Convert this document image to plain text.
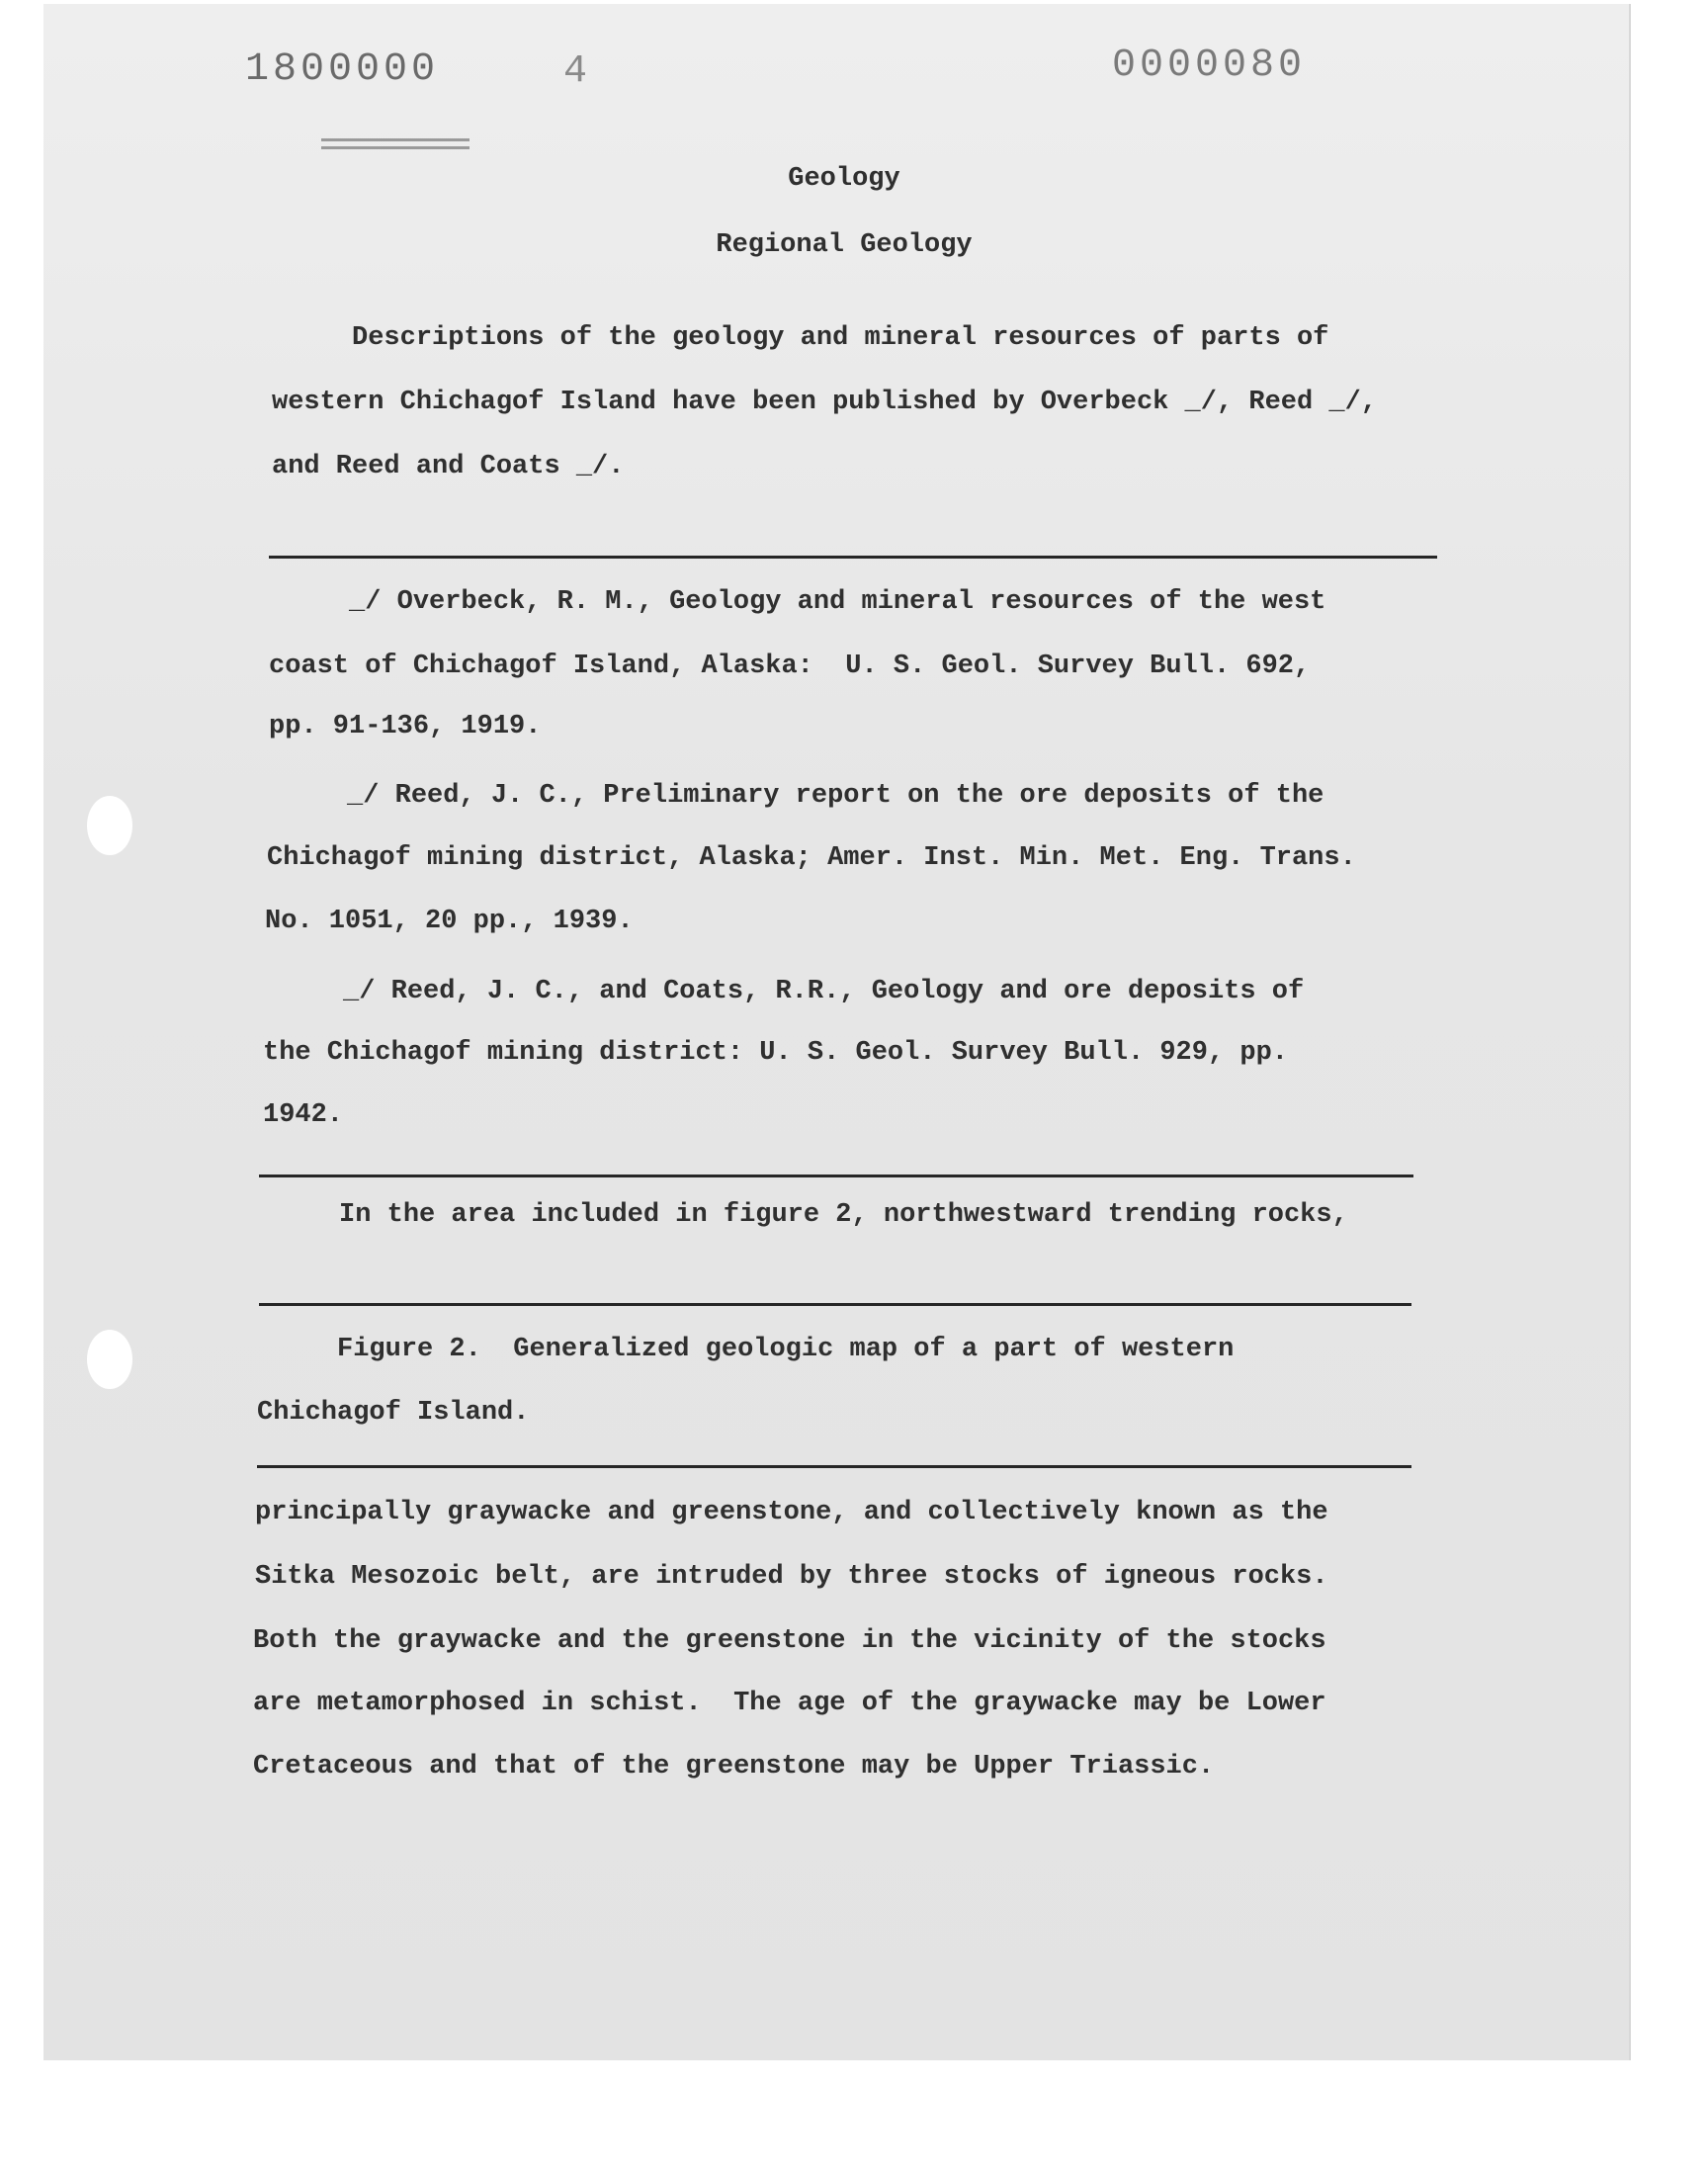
1800000	4	0000080
Geology
Regional Geology
Descriptions of the geology and mineral resources of parts of
western Chichagof Island have been published by Overbeck _/, Reed _/,
and Reed and Coats _/.
_/ Overbeck, R. M., Geology and mineral resources of the west
coast of Chichagof Island, Alaska:  U. S. Geol. Survey Bull. 692,
pp. 91-136, 1919.
_/ Reed, J. C., Preliminary report on the ore deposits of the
Chichagof mining district, Alaska; Amer. Inst. Min. Met. Eng. Trans.
No. 1051, 20 pp., 1939.
_/ Reed, J. C., and Coats, R.R., Geology and ore deposits of
the Chichagof mining district: U. S. Geol. Survey Bull. 929, pp.
1942.
In the area included in figure 2, northwestward trending rocks,
Figure 2.  Generalized geologic map of a part of western
Chichagof Island.
principally graywacke and greenstone, and collectively known as the
Sitka Mesozoic belt, are intruded by three stocks of igneous rocks.
Both the graywacke and the greenstone in the vicinity of the stocks
are metamorphosed in schist.  The age of the graywacke may be Lower
Cretaceous and that of the greenstone may be Upper Triassic.
